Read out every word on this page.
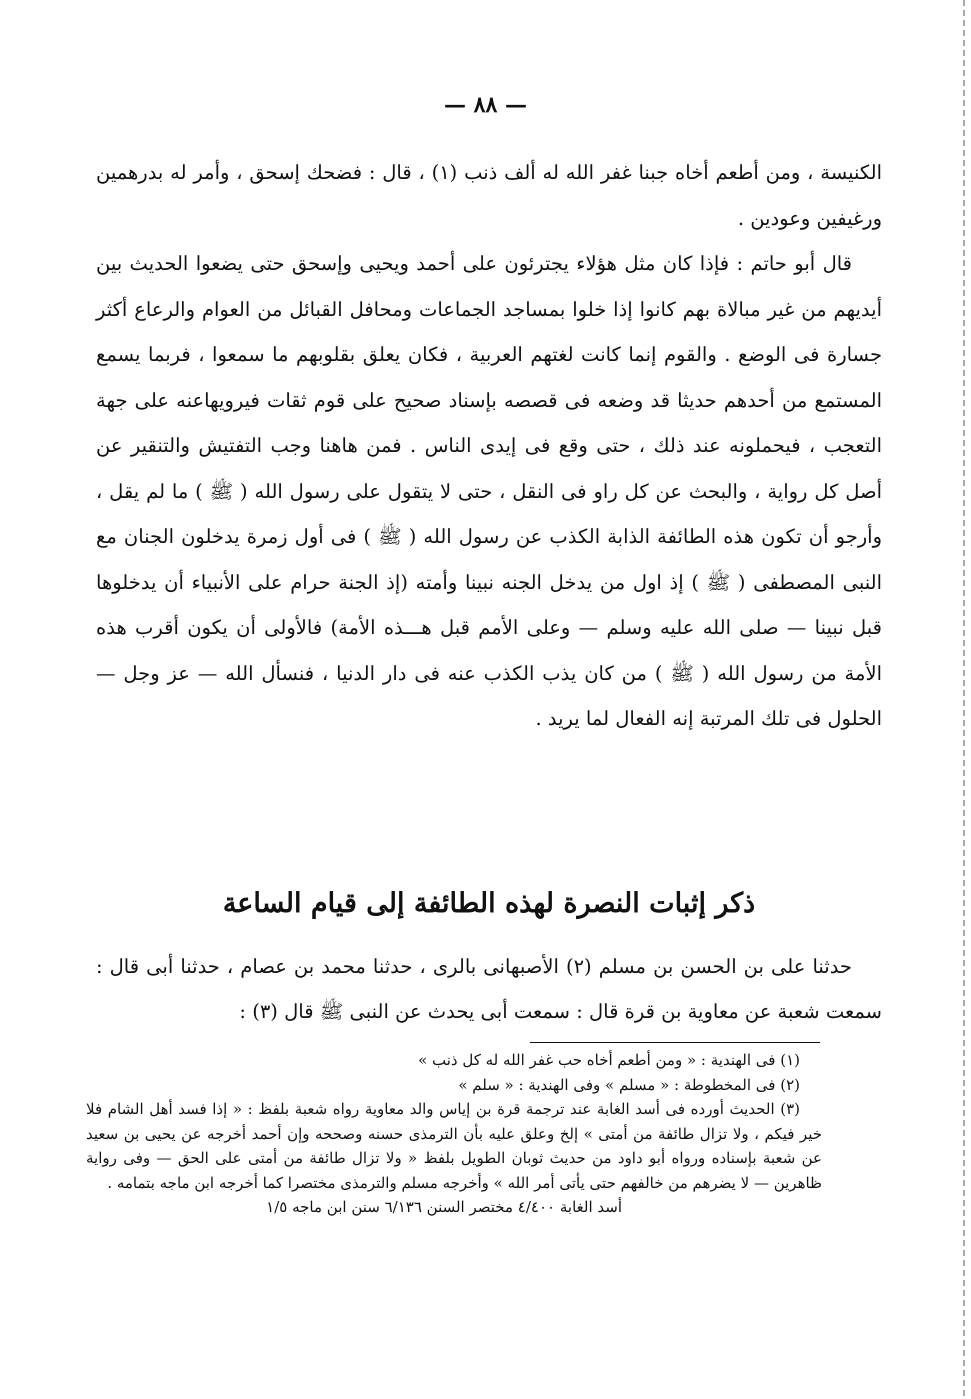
— ٨٨ —

الكنيسة ، ومن أطعم أخاه جبنا غفر الله له ألف ذنب (١) ، قال : فضحك إسحق ، وأمر له بدرهمين ورغيفين وعودين .

قال أبو حاتم : فإذا كان مثل هؤلاء يجترئون على أحمد ويحيى وإسحق حتى يضعوا الحديث بين أيديهم من غير مبالاة بهم كانوا إذا خلوا بمساجد الجماعات ومحافل القبائل من العوام والرعاع أكثر جسارة فى الوضع . والقوم إنما كانت لغتهم العربية ، فكان يعلق بقلوبهم ما سمعوا ، فربما يسمع المستمع من أحدهم حديثا قد وضعه فى قصصه بإسناد صحيح على قوم ثقات فيرويهاعنه على جهة التعجب ، فيحملونه عند ذلك ، حتى وقع فى إيدى الناس . فمن هاهنا وجب التفتيش والتنقير عن أصل كل رواية ، والبحث عن كل راو فى النقل ، حتى لا يتقول على رسول الله ( ﷺ ) ما لم يقل ، وأرجو أن تكون هذه الطائفة الذابة الكذب عن رسول الله ( ﷺ ) فى أول زمرة يدخلون الجنان مع النبى المصطفى ( ﷺ ) إذ اول من يدخل الجنه نبينا وأمته (إذ الجنة حرام على الأنبياء أن يدخلوها قبل نبينا — صلى الله عليه وسلم — وعلى الأمم قبل هـــذه الأمة) فالأولى أن يكون أقرب هذه الأمة من رسول الله ( ﷺ ) من كان يذب الكذب عنه فى دار الدنيا ، فنسأل الله — عز وجل — الحلول فى تلك المرتبة إنه الفعال لما يريد .

ذكر إثبات النصرة لهذه الطائفة إلى قيام الساعة

حدثنا على بن الحسن بن مسلم (٢) الأصبهانى بالرى ، حدثنا محمد بن عصام ، حدثنا أبى قال : سمعت شعبة عن معاوية بن قرة قال : سمعت أبى يحدث عن النبى ﷺ قال (٣) :

(١) فى الهندية : « ومن أطعم أخاه حب غفر الله له كل ذنب »

(٢) فى المخطوطة : « مسلم » وفى الهندية : « سلم »

(٣) الحديث أورده فى أسد الغابة عند ترجمة قرة بن إياس والد معاوية رواه شعبة بلفظ : « إذا فسد أهل الشام فلا خير فيكم ، ولا تزال طائفة من أمتى » إلخ وعلق عليه بأن الترمذى حسنه وصححه وإن أحمد أخرجه عن يحيى بن سعيد عن شعبة بإسناده ورواه أبو داود من حديث ثوبان الطويل بلفظ « ولا تزال طائفة من أمتى على الحق — وفى رواية ظاهرين — لا يضرهم من خالفهم حتى يأتى أمر الله » وأخرجه مسلم والترمذى مختصرا كما أخرجه ابن ماجه بتمامه .

أسد الغابة ٤/٤٠٠ مختصر السنن ٦/١٣٦ سنن ابن ماجه ١/٥
